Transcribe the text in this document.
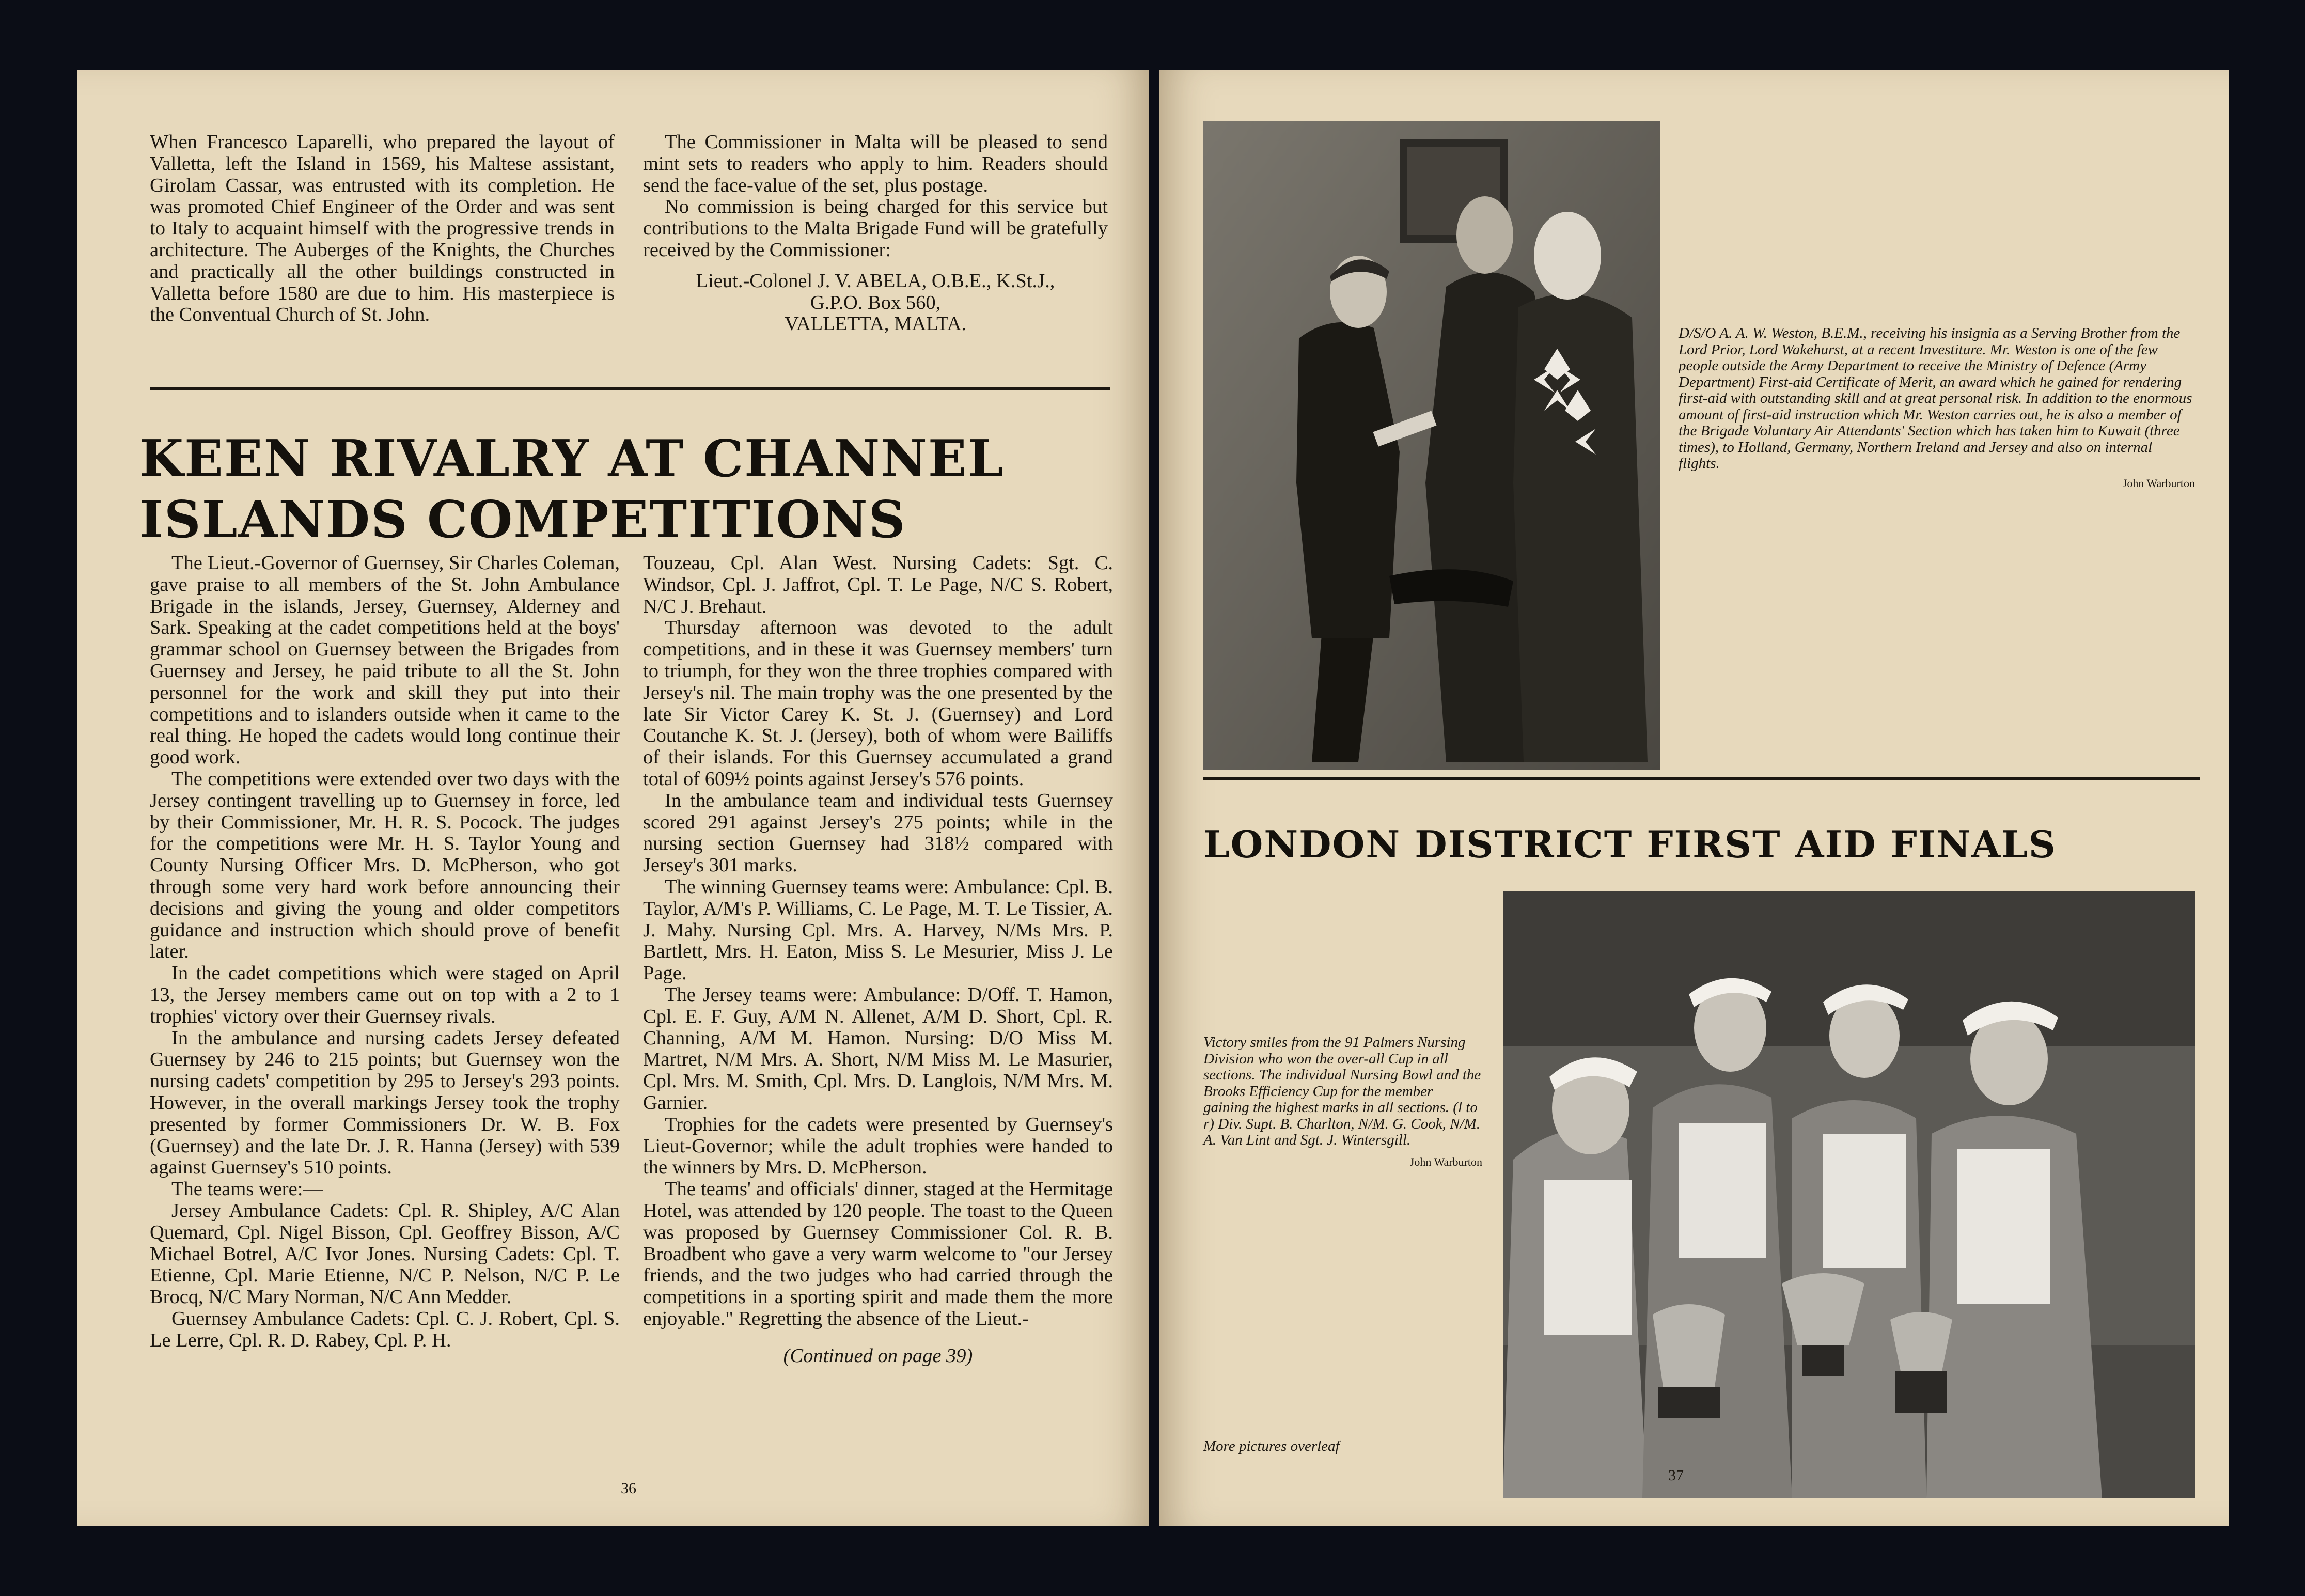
When Francesco Laparelli, who prepared the layout of Valletta, left the Island in 1569, his Maltese assistant, Girolam Cassar, was entrusted with its completion. He was promoted Chief Engineer of the Order and was sent to Italy to acquaint himself with the progressive trends in architecture. The Auberges of the Knights, the Churches and practically all the other buildings constructed in Valletta before 1580 are due to him. His masterpiece is the Conventual Church of St. John.

The Commissioner in Malta will be pleased to send mint sets to readers who apply to him. Readers should send the face-value of the set, plus postage.

No commission is being charged for this service but contributions to the Malta Brigade Fund will be gratefully received by the Commissioner:

Lieut.-Colonel J. V. ABELA, O.B.E., K.St.J.,
G.P.O. Box 560,
VALLETTA, MALTA.
KEEN RIVALRY AT CHANNEL
ISLANDS COMPETITIONS

The Lieut.-Governor of Guernsey, Sir Charles Coleman, gave praise to all members of the St. John Ambulance Brigade in the islands, Jersey, Guernsey, Alderney and Sark. Speaking at the cadet competitions held at the boys' grammar school on Guernsey between the Brigades from Guernsey and Jersey, he paid tribute to all the St. John personnel for the work and skill they put into their competitions and to islanders outside when it came to the real thing. He hoped the cadets would long continue their good work.

The competitions were extended over two days with the Jersey contingent travelling up to Guernsey in force, led by their Commissioner, Mr. H. R. S. Pocock. The judges for the competitions were Mr. H. S. Taylor Young and County Nursing Officer Mrs. D. McPherson, who got through some very hard work before announcing their decisions and giving the young and older competitors guidance and instruction which should prove of benefit later.

In the cadet competitions which were staged on April 13, the Jersey members came out on top with a 2 to 1 trophies' victory over their Guernsey rivals.

In the ambulance and nursing cadets Jersey defeated Guernsey by 246 to 215 points; but Guernsey won the nursing cadets' competition by 295 to Jersey's 293 points. However, in the overall markings Jersey took the trophy presented by former Commissioners Dr. W. B. Fox (Guernsey) and the late Dr. J. R. Hanna (Jersey) with 539 against Guernsey's 510 points.

The teams were:—

Jersey Ambulance Cadets: Cpl. R. Shipley, A/C Alan Quemard, Cpl. Nigel Bisson, Cpl. Geoffrey Bisson, A/C Michael Botrel, A/C Ivor Jones. Nursing Cadets: Cpl. T. Etienne, Cpl. Marie Etienne, N/C P. Nelson, N/C P. Le Brocq, N/C Mary Norman, N/C Ann Medder.

Guernsey Ambulance Cadets: Cpl. C. J. Robert, Cpl. S. Le Lerre, Cpl. R. D. Rabey, Cpl. P. H.

Touzeau, Cpl. Alan West. Nursing Cadets: Sgt. C. Windsor, Cpl. J. Jaffrot, Cpl. T. Le Page, N/C S. Robert, N/C J. Brehaut.

Thursday afternoon was devoted to the adult competitions, and in these it was Guernsey members' turn to triumph, for they won the three trophies compared with Jersey's nil. The main trophy was the one presented by the late Sir Victor Carey K. St. J. (Guernsey) and Lord Coutanche K. St. J. (Jersey), both of whom were Bailiffs of their islands. For this Guernsey accumulated a grand total of 609½ points against Jersey's 576 points.

In the ambulance team and individual tests Guernsey scored 291 against Jersey's 275 points; while in the nursing section Guernsey had 318½ compared with Jersey's 301 marks.

The winning Guernsey teams were: Ambulance: Cpl. B. Taylor, A/M's P. Williams, C. Le Page, M. T. Le Tissier, A. J. Mahy. Nursing Cpl. Mrs. A. Harvey, N/Ms Mrs. P. Bartlett, Mrs. H. Eaton, Miss S. Le Mesurier, Miss J. Le Page.

The Jersey teams were: Ambulance: D/Off. T. Hamon, Cpl. E. F. Guy, A/M N. Allenet, A/M D. Short, Cpl. R. Channing, A/M M. Hamon. Nursing: D/O Miss M. Martret, N/M Mrs. A. Short, N/M Miss M. Le Masurier, Cpl. Mrs. M. Smith, Cpl. Mrs. D. Langlois, N/M Mrs. M. Garnier.

Trophies for the cadets were presented by Guernsey's Lieut-Governor; while the adult trophies were handed to the winners by Mrs. D. McPherson.

The teams' and officials' dinner, staged at the Hermitage Hotel, was attended by 120 people. The toast to the Queen was proposed by Guernsey Commissioner Col. R. B. Broadbent who gave a very warm welcome to "our Jersey friends, and the two judges who had carried through the competitions in a sporting spirit and made them the more enjoyable." Regretting the absence of the Lieut.-

(Continued on page 39)
36
D/S/O A. A. W. Weston, B.E.M., receiving his insignia as a Serving Brother from the Lord Prior, Lord Wakehurst, at a recent Investiture. Mr. Weston is one of the few people outside the Army Department to receive the Ministry of Defence (Army Department) First-aid Certificate of Merit, an award which he gained for rendering first-aid with outstanding skill and at great personal risk. In addition to the enormous amount of first-aid instruction which Mr. Weston carries out, he is also a member of the Brigade Voluntary Air Attendants' Section which has taken him to Kuwait (three times), to Holland, Germany, Northern Ireland and Jersey and also on internal flights.
John Warburton
LONDON DISTRICT FIRST AID FINALS
Victory smiles from the 91 Palmers Nursing Division who won the over-all Cup in all sections. The individual Nursing Bowl and the Brooks Efficiency Cup for the member gaining the highest marks in all sections. (l to r) Div. Supt. B. Charlton, N/M. G. Cook, N/M. A. Van Lint and Sgt. J. Wintersgill.
John Warburton
More pictures overleaf
37
